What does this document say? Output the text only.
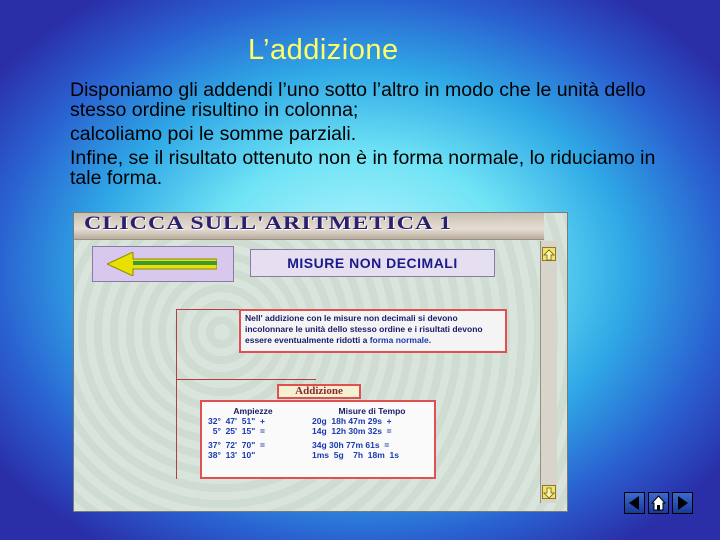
L’addizione

Disponiamo gli addendi l’uno sotto l’altro in modo che le unità dello stesso ordine risultino in colonna;

calcoliamo poi le somme parziali.

Infine, se il risultato ottenuto non è in forma normale, lo riduciamo in tale forma.

CLICCA SULL'ARITMETICA 1
MISURE NON DECIMALI
Nell' addizione con le misure non decimali si devono incolonnare le unità dello stesso ordine e i risultati devono essere eventualmente ridotti a forma normale.
Addizione
Ampiezze
32°  47'  51"  +
5°  25'  15"  =
37°  72'  70"  =
38°  13'  10"
Misure di Tempo
20g  18h 47m 29s  +
14g  12h 30m 32s  =
34g 30h 77m 61s  =
1ms  5g    7h  18m  1s
